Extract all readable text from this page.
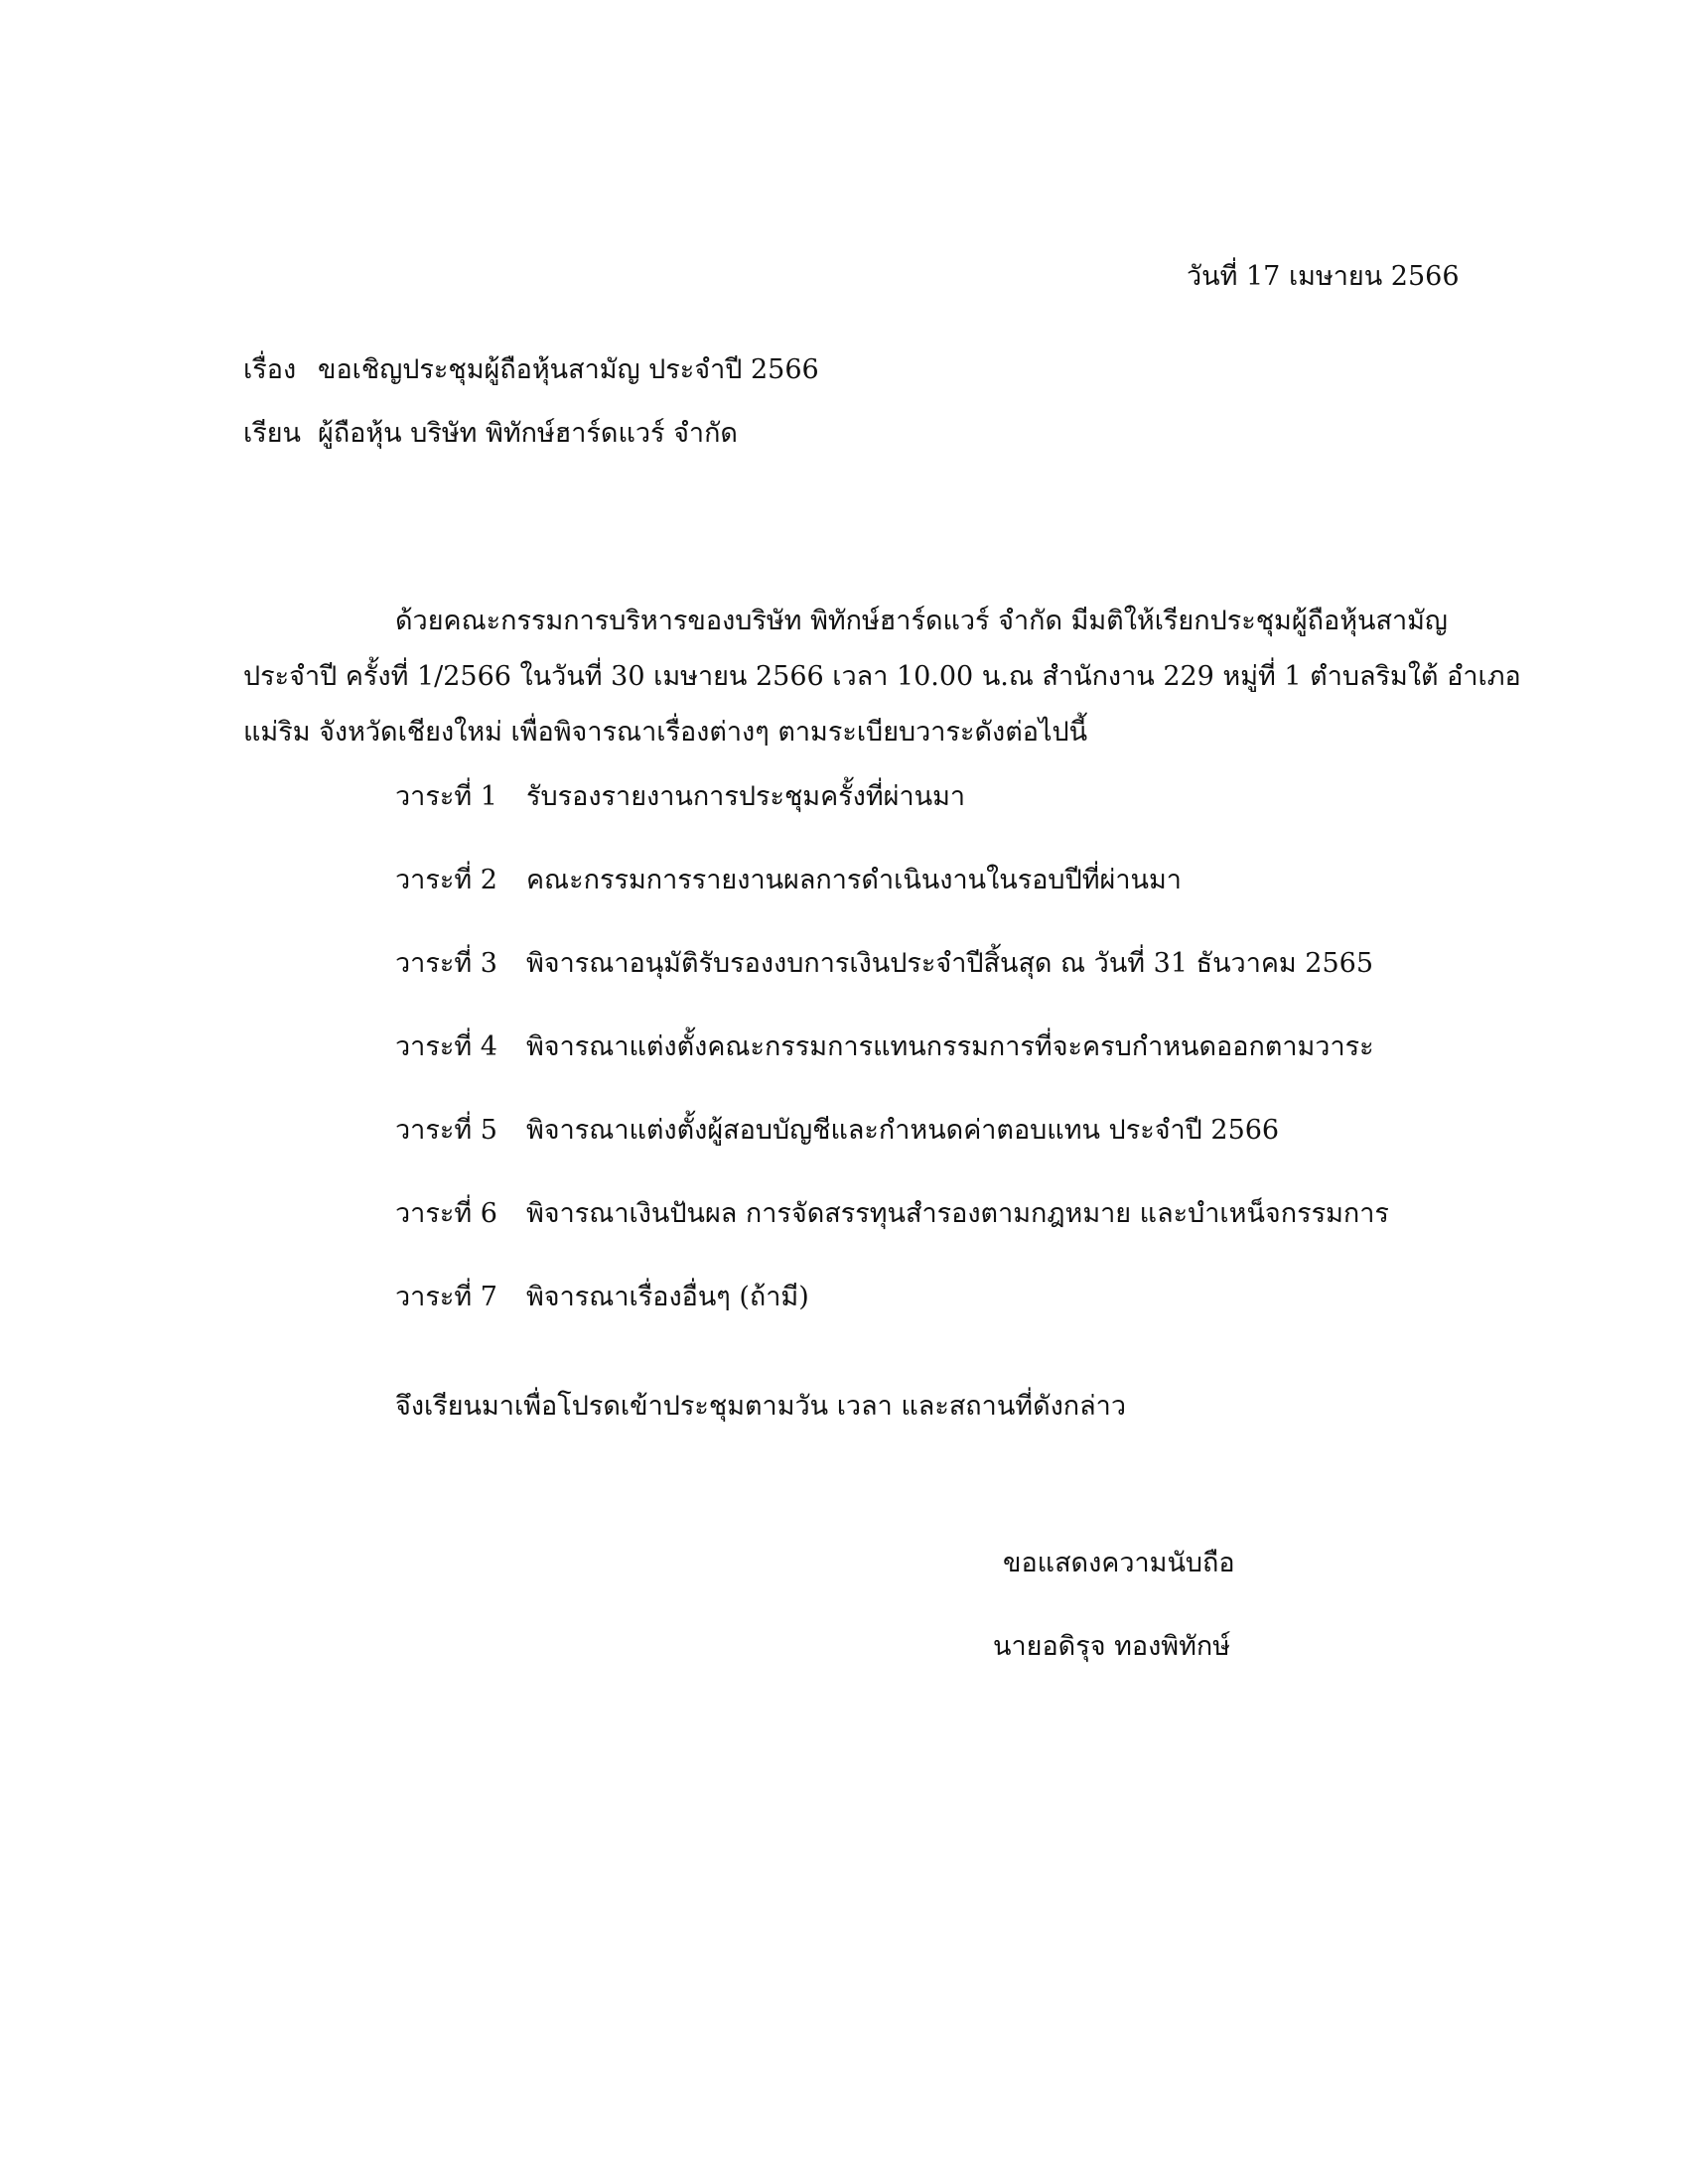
วันที่ 17 เมษายน 2566
เรื่อง ขอเชิญประชุมผู้ถือหุ้นสามัญ ประจำปี 2566
เรียน ผู้ถือหุ้น บริษัท พิทักษ์ฮาร์ดแวร์ จำกัด
ด้วยคณะกรรมการบริหารของบริษัท พิทักษ์ฮาร์ดแวร์ จำกัด มีมติให้เรียกประชุมผู้ถือหุ้นสามัญ
ประจำปี ครั้งที่ 1/2566 ในวันที่ 30 เมษายน 2566 เวลา 10.00 น.ณ สำนักงาน 229 หมู่ที่ 1 ตำบลริมใต้ อำเภอ
แม่ริม จังหวัดเชียงใหม่ เพื่อพิจารณาเรื่องต่างๆ ตามระเบียบวาระดังต่อไปนี้
วาระที่ 1 รับรองรายงานการประชุมครั้งที่ผ่านมา
วาระที่ 2 คณะกรรมการรายงานผลการดำเนินงานในรอบปีที่ผ่านมา
วาระที่ 3 พิจารณาอนุมัติรับรองงบการเงินประจำปีสิ้นสุด ณ วันที่ 31 ธันวาคม 2565
วาระที่ 4 พิจารณาแต่งตั้งคณะกรรมการแทนกรรมการที่จะครบกำหนดออกตามวาระ
วาระที่ 5 พิจารณาแต่งตั้งผู้สอบบัญชีและกำหนดค่าตอบแทน ประจำปี 2566
วาระที่ 6 พิจารณาเงินปันผล การจัดสรรทุนสำรองตามกฎหมาย และบำเหน็จกรรมการ
วาระที่ 7 พิจารณาเรื่องอื่นๆ (ถ้ามี)
จึงเรียนมาเพื่อโปรดเข้าประชุมตามวัน เวลา และสถานที่ดังกล่าว
ขอแสดงความนับถือ
นายอดิรุจ ทองพิทักษ์
